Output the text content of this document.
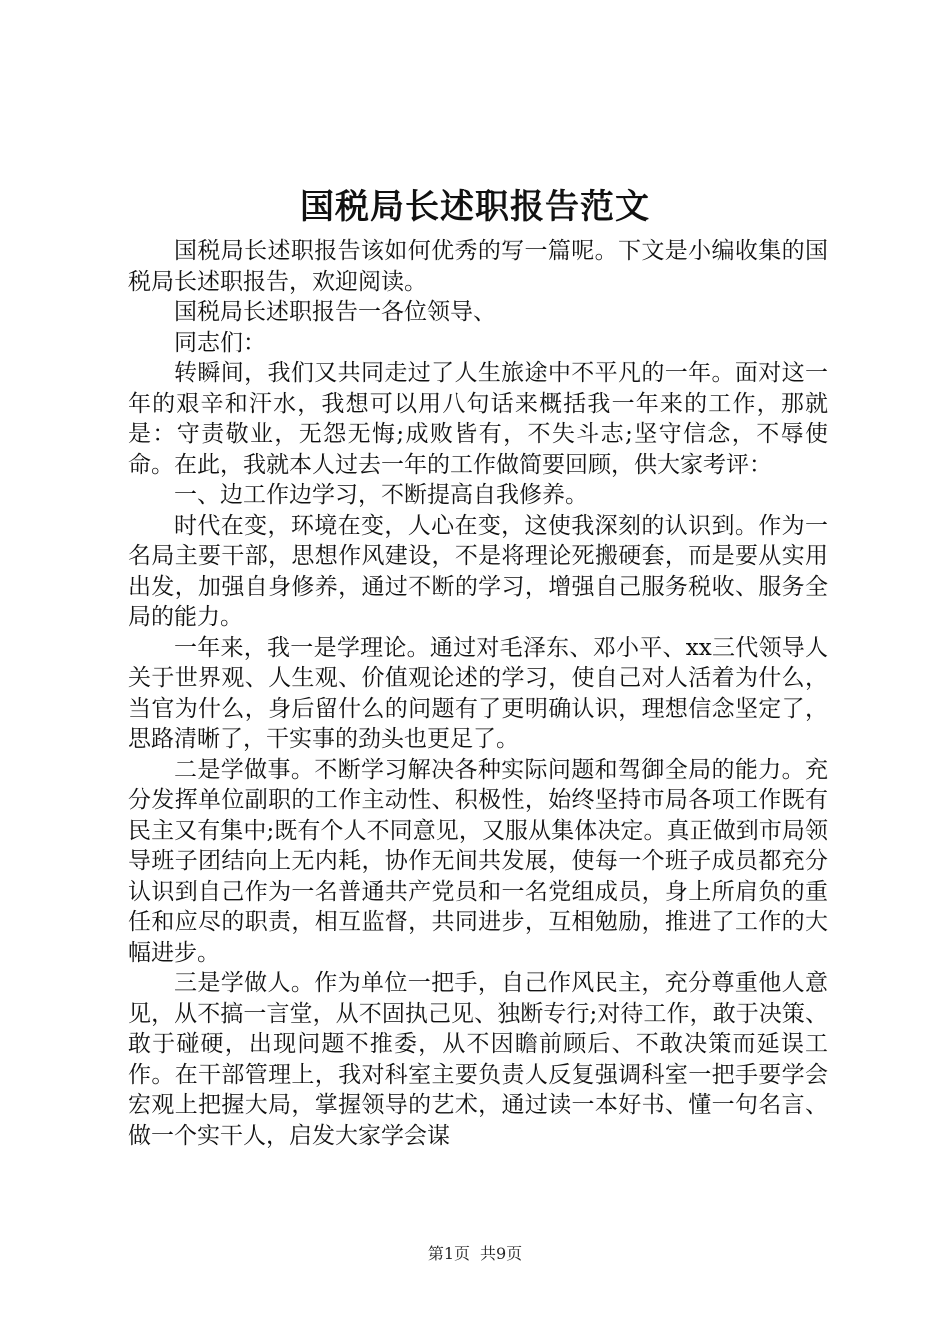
国税局长述职报告范文

国税局长述职报告该如何优秀的写一篇呢。下文是小编收集的国税局长述职报告，欢迎阅读。

国税局长述职报告一各位领导、

同志们：

转瞬间，我们又共同走过了人生旅途中不平凡的一年。面对这一年的艰辛和汗水，我想可以用八句话来概括我一年来的工作，那就是：守责敬业，无怨无悔;成败皆有，不失斗志;坚守信念，不辱使命。在此，我就本人过去一年的工作做简要回顾，供大家考评：

一、边工作边学习，不断提高自我修养。

时代在变，环境在变，人心在变，这使我深刻的认识到。作为一名局主要干部，思想作风建设，不是将理论死搬硬套，而是要从实用出发，加强自身修养，通过不断的学习，增强自己服务税收、服务全局的能力。

一年来，我一是学理论。通过对毛泽东、邓小平、xx三代领导人关于世界观、人生观、价值观论述的学习，使自己对人活着为什么，当官为什么，身后留什么的问题有了更明确认识，理想信念坚定了，思路清晰了，干实事的劲头也更足了。

二是学做事。不断学习解决各种实际问题和驾御全局的能力。充分发挥单位副职的工作主动性、积极性，始终坚持市局各项工作既有民主又有集中;既有个人不同意见，又服从集体决定。真正做到市局领导班子团结向上无内耗，协作无间共发展，使每一个班子成员都充分认识到自己作为一名普通共产党员和一名党组成员，身上所肩负的重任和应尽的职责，相互监督，共同进步，互相勉励，推进了工作的大幅进步。

三是学做人。作为单位一把手，自己作风民主，充分尊重他人意见，从不搞一言堂，从不固执己见、独断专行;对待工作，敢于决策、敢于碰硬，出现问题不推委，从不因瞻前顾后、不敢决策而延误工作。在干部管理上，我对科室主要负责人反复强调科室一把手要学会宏观上把握大局，掌握领导的艺术，通过读一本好书、懂一句名言、做一个实干人，启发大家学会谋

第1页 共9页
